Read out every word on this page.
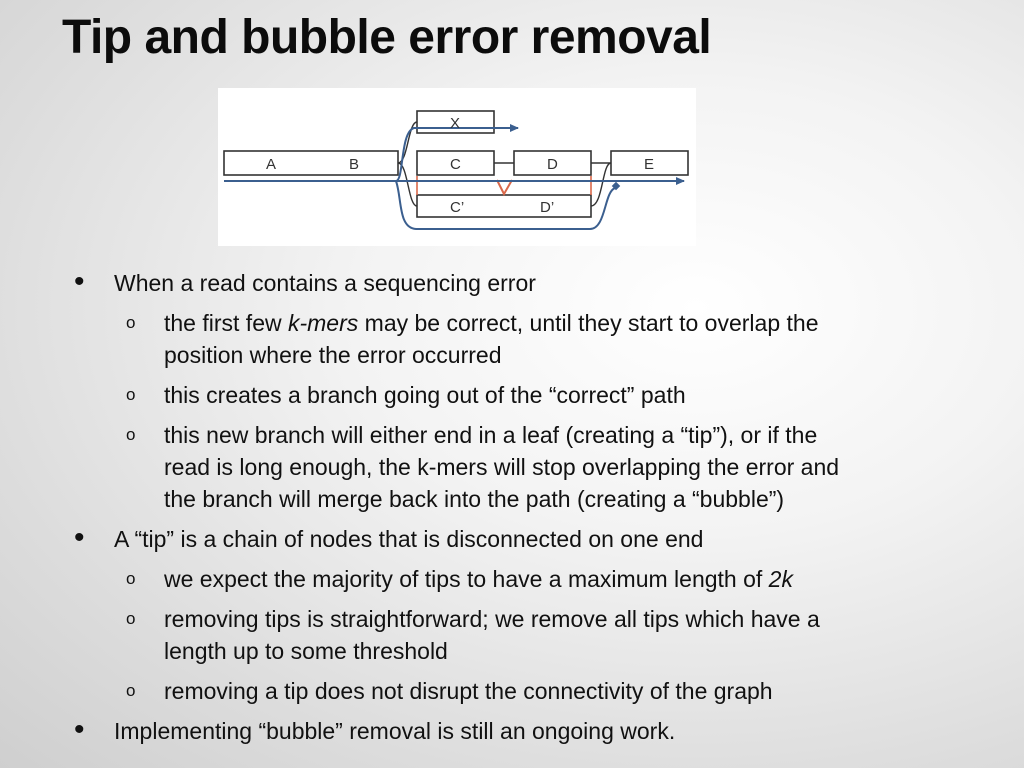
Tip and bubble error removal
A	B
X
C	D	E
C’	D’
• When a read contains a sequencing error
o the first few k-mers may be correct, until they start to overlap the
position where the error occurred
o this creates a branch going out of the “correct” path
o this new branch will either end in a leaf (creating a “tip”), or if the
read is long enough, the k-mers will stop overlapping the error and
the branch will merge back into the path (creating a “bubble”)
• A “tip” is a chain of nodes that is disconnected on one end
o we expect the majority of tips to have a maximum length of 2k
o removing tips is straightforward; we remove all tips which have a
length up to some threshold
o removing a tip does not disrupt the connectivity of the graph
• Implementing “bubble” removal is still an ongoing work.
